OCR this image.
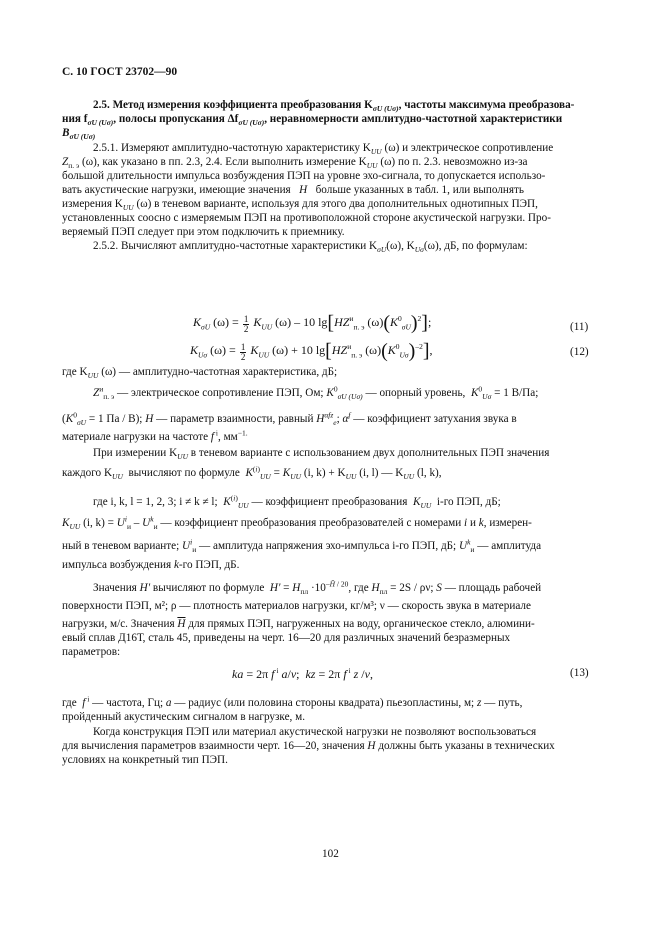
С. 10 ГОСТ 23702—90
2.5. Метод измерения коэффициента преобразования $K_{\sigma U (U\sigma)}$, частоты максимума преобразова-
ния $f_{\sigma U (U\sigma)}$, полосы пропускания $\Delta f_{\sigma U (U\sigma)}$, неравномерности амплитудно-частотной характеристики
$B_{\sigma U (U\sigma)}$
2.5.1. Измеряют амплитудно-частотную характеристику $K_{UU}$ (ω) и электрическое сопротивление
$Z_{п. э}$ (ω), как указано в пп. 2.3, 2.4. Если выполнить измерение $K_{UU}$ (ω) по п. 2.3. невозможно из-за
большой длительности импульса возбуждения ПЭП на уровне эхо-сигнала, то допускается использо-
вать акустические нагрузки, имеющие значения H больше указанных в табл. 1, или выполнять
измерения $K_{UU}$ (ω) в теневом варианте, используя для этого два дополнительных однотипных ПЭП,
установленных соосно с измеряемым ПЭП на противоположной стороне акустической нагрузки. Про-
веряемый ПЭП следует при этом подключить к приемнику.
2.5.2. Вычисляют амплитудно-частотные характеристики $K_{\sigma U}(\omega)$, $K_{U\sigma}(\omega)$, дБ, по формулам:
$K_{\sigma U}$ $(\omega) = \frac{1}{2} K_{UU}$ (ω) – 10 $\lg[HZ^и_{п. э}$ $(\omega)(K^0_{\sigma U})^2$];	(11)
$K_{U\sigma}$ $(\omega) = \frac{1}{2} K_{UU}$ (ω) + 10 $\lg[HZ^и_{п. э}$ $(\omega)(K^0_{U\sigma})^{-2}$],	(12)
где $K_{UU}$ (ω) — амплитудно-частотная характеристика, дБ;
$Z^и_{п. э}$ — электрическое сопротивление ПЭП, Ом; $K^0_{\sigma U (U\sigma)}$ — опорный уровень, $K^0_{U\sigma} = 1$ В/Па;
($K^0_{\sigma U} = 1$ Па / В); H — параметр взаимности, равный $H^{\alpha fz}_e$; $\alpha^f$ — коэффициент затухания звука в
материале нагрузки на частоте f $^i$, $мм^{-1.}$
При измерении $K_{UU}$ в теневом варианте с использованием двух дополнительных ПЭП значения
каждого $K_{UU}$ вычисляют по формуле $K^{(i)}_{UU} = K_{UU}$ (i, $k) + K_{UU}$ (i, l) — $K_{UU}$ (l, k),
где i, k, l = 1, 2, 3; i ≠ k ≠ l; $K^{(i)}_{UU}$ — коэффициент преобразования $K_{UU}$ i-го ПЭП, дБ;
$K_{UU}$ (i, $k) = U^i_и - U^k_и$ — коэффициент преобразования преобразователей с номерами i и k, измерен-
ный в теневом варианте; $U^i_и$ — амплитуда напряжения эхо-импульса i-го ПЭП, дБ; $U^k_и$ — амплитуда
импульса возбуждения k-го ПЭП, дБ.
Значения H' вычисляют по формуле $H' = H_{пл} \cdot 10^{-H̄ / 20}$, где $H_{пл} = 2S / \rho\nu$; S — площадь рабочей
поверхности ПЭП, м²; ρ — плотность материалов нагрузки, кг/м³; ν — скорость звука в материале
нагрузки, м/с. Значения $\overline{H}$ для прямых ПЭП, нагруженных на воду, органическое стекло, алюмини-
евый сплав Д16Т, сталь 45, приведены на черт. 16—20 для различных значений безразмерных
параметров:
ka = 2π f $^i$ a/ν;  kz = 2π f $^i$ z /ν,	(13)
где f $^i$ — частота, Гц; a — радиус (или половина стороны квадрата) пьезопластины, м; z — путь,
пройденный акустическим сигналом в нагрузке, м.
Когда конструкция ПЭП или материал акустической нагрузки не позволяют воспользоваться
для вычисления параметров взаимности черт. 16—20, значения H должны быть указаны в технических
условиях на конкретный тип ПЭП.
102
